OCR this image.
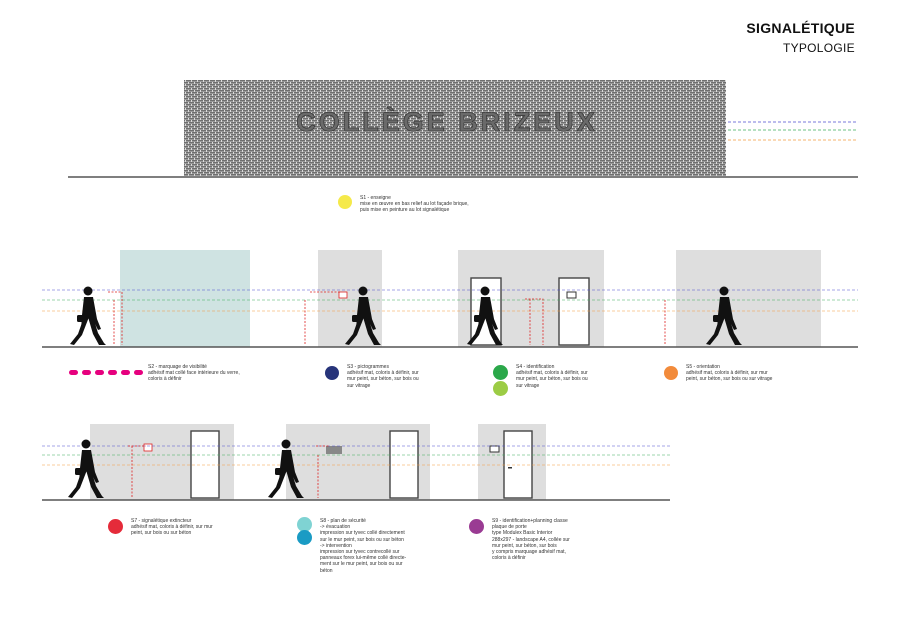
SIGNALÉTIQUE
TYPOLOGIE
COLLÈGE BRIZEUX
S1 - enseigne
mise en œuvre en bas relief au lot façade brique,
puis mise en peinture au lot signalétique
S2 - marquage de visibilité
adhésif mat collé face intérieure du verre,
coloris à définir
S3 - pictogrammes
adhésif mat, coloris à définir, sur
mur peint, sur béton, sur bois ou
sur vitrage
S4 - identification
adhésif mat, coloris à définir, sur
mur peint, sur béton, sur bois ou
sur vitrage
S5 - orientation
adhésif mat, coloris à définir, sur mur
peint, sur béton, sur bois ou sur vitrage
S7 - signalétique extincteur
adhésif mat, coloris à définir, sur mur
peint, sur bois ou sur béton
S8 - plan de sécurité
-> évacuation
impression sur tyvec collé directement
sur le mur peint, sur bois ou sur béton
-> intervention
impression sur tyvec contrecollé sur
panneaux forex lui-même collé directe-
ment sur le mur peint, sur bois ou sur
béton
S9 - identification+planning classe
plaque de porte
type Modulex Basic Interior
288x297 - landscape A4, collée sur
mur peint, sur béton, sur bois
y compris marquage adhésif mat,
coloris à définir
